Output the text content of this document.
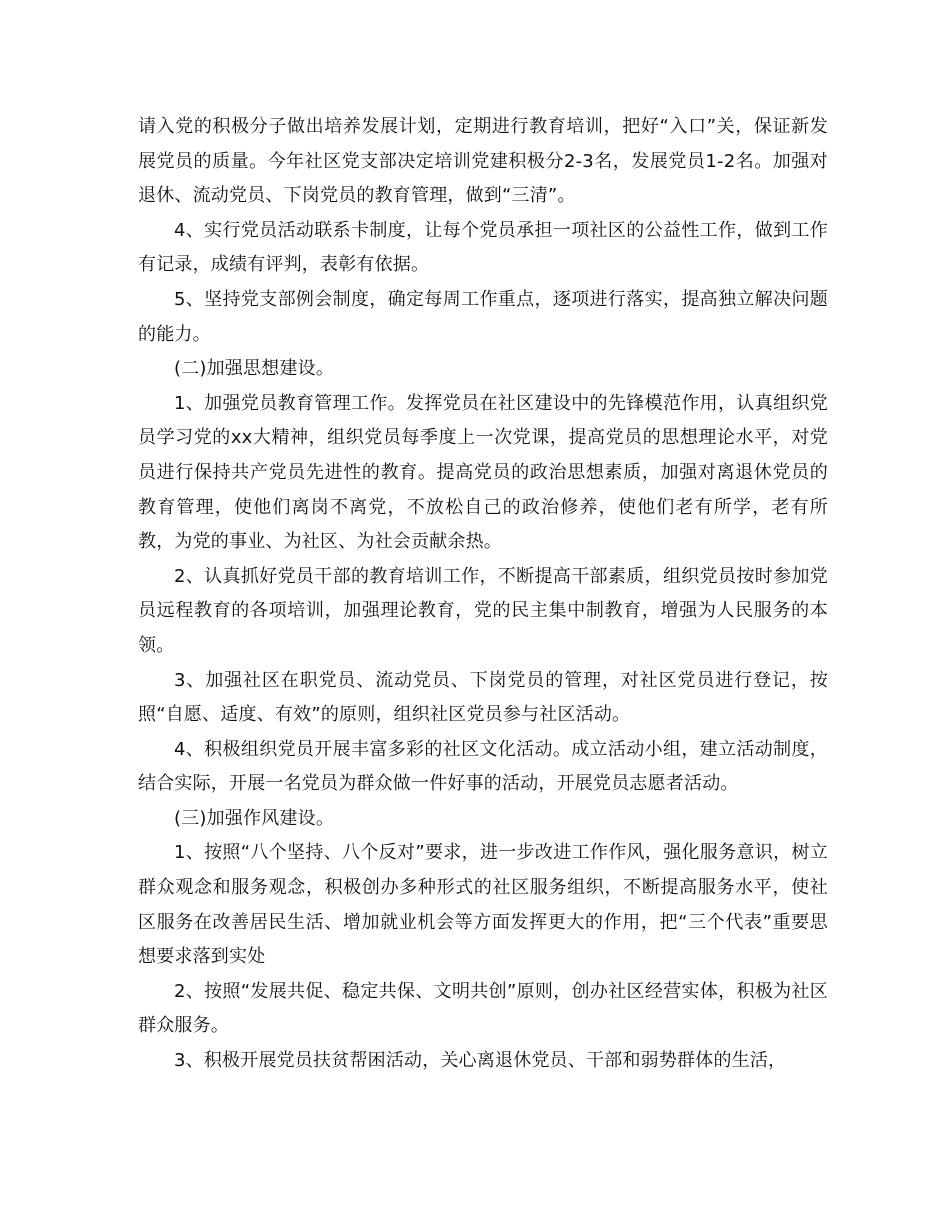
请入党的积极分子做出培养发展计划，定期进行教育培训，把好“入口”关，保证新发展党员的质量。今年社区党支部决定培训党建积极分2-3名，发展党员1-2名。加强对退休、流动党员、下岗党员的教育管理，做到“三清”。

4、实行党员活动联系卡制度，让每个党员承担一项社区的公益性工作，做到工作有记录，成绩有评判，表彰有依据。

5、坚持党支部例会制度，确定每周工作重点，逐项进行落实，提高独立解决问题的能力。

(二)加强思想建设。

1、加强党员教育管理工作。发挥党员在社区建设中的先锋模范作用，认真组织党员学习党的xx大精神，组织党员每季度上一次党课，提高党员的思想理论水平，对党员进行保持共产党员先进性的教育。提高党员的政治思想素质，加强对离退休党员的教育管理，使他们离岗不离党，不放松自己的政治修养，使他们老有所学，老有所教，为党的事业、为社区、为社会贡献余热。

2、认真抓好党员干部的教育培训工作，不断提高干部素质，组织党员按时参加党员远程教育的各项培训，加强理论教育，党的民主集中制教育，增强为人民服务的本领。

3、加强社区在职党员、流动党员、下岗党员的管理，对社区党员进行登记，按照“自愿、适度、有效”的原则，组织社区党员参与社区活动。

4、积极组织党员开展丰富多彩的社区文化活动。成立活动小组，建立活动制度，结合实际，开展一名党员为群众做一件好事的活动，开展党员志愿者活动。

(三)加强作风建设。

1、按照“八个坚持、八个反对”要求，进一步改进工作作风，强化服务意识，树立群众观念和服务观念，积极创办多种形式的社区服务组织，不断提高服务水平，使社区服务在改善居民生活、增加就业机会等方面发挥更大的作用，把“三个代表”重要思想要求落到实处

2、按照“发展共促、稳定共保、文明共创”原则，创办社区经营实体，积极为社区群众服务。

3、积极开展党员扶贫帮困活动，关心离退休党员、干部和弱势群体的生活，
